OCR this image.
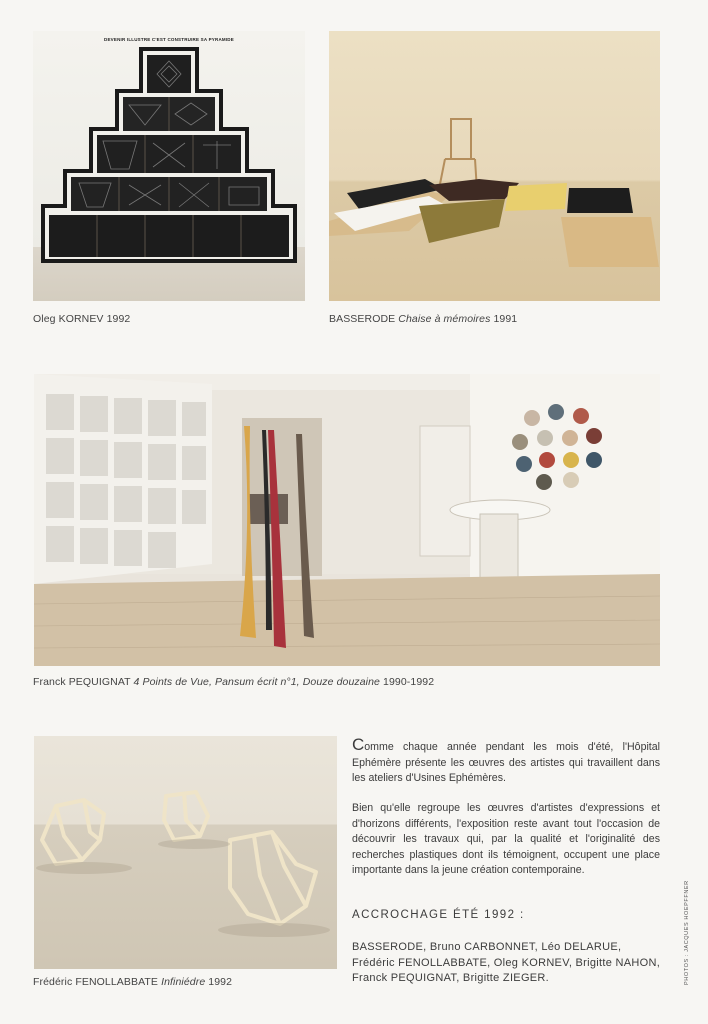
DEVENIR ILLUSTRE C'EST CONSTRUIRE SA PYRAMIDE
Oleg KORNEV 1992	BASSERODE Chaise à mémoires 1991
Franck PEQUIGNAT 4 Points de Vue, Pansum écrit n°1, Douze douzaine 1990-1992
Frédéric FENOLLABBATE Infiniédre 1992

Comme chaque année pendant les mois d'été, l'Hôpital Ephémère présente les œuvres des artistes qui travaillent dans les ateliers d'Usines Ephémères.

Bien qu'elle regroupe les œuvres d'artistes d'expressions et d'horizons différents, l'exposition reste avant tout l'occasion de découvrir les travaux qui, par la qualité et l'originalité des recherches plastiques dont ils témoignent, occupent une place importante dans la jeune création contemporaine.

ACCROCHAGE ÉTÉ 1992 :
BASSERODE, Bruno CARBONNET, Léo DELARUE, Frédéric FENOLLABBATE, Oleg KORNEV, Brigitte NAHON, Franck PEQUIGNAT, Brigitte ZIEGER.	PHOTOS : JACQUES HOEPFFNER
